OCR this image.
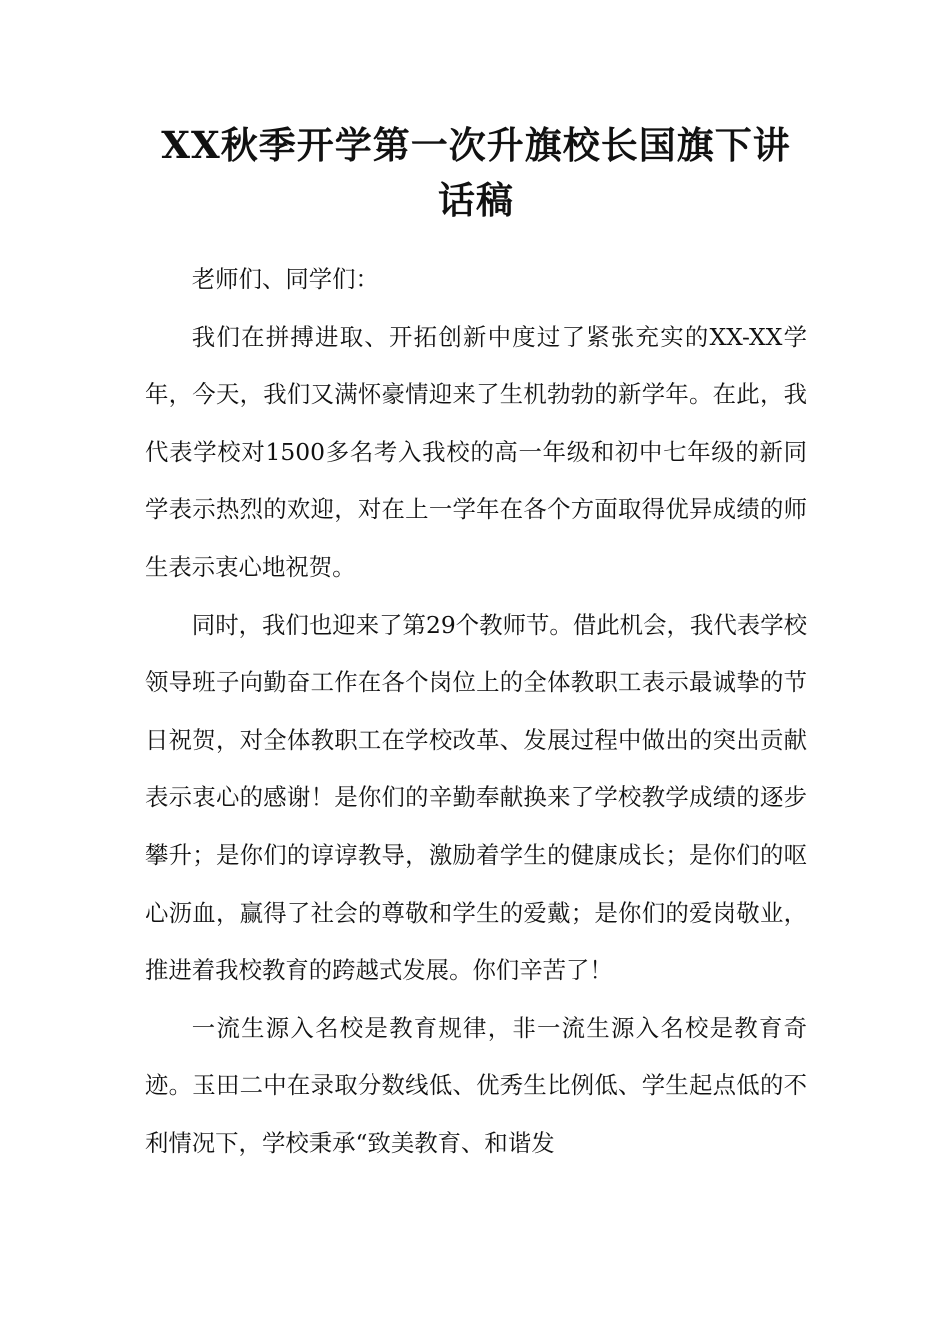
XX秋季开学第一次升旗校长国旗下讲话稿

老师们、同学们：

我们在拼搏进取、开拓创新中度过了紧张充实的XX-XX学年，今天，我们又满怀豪情迎来了生机勃勃的新学年。在此，我代表学校对1500多名考入我校的高一年级和初中七年级的新同学表示热烈的欢迎，对在上一学年在各个方面取得优异成绩的师生表示衷心地祝贺。

同时，我们也迎来了第29个教师节。借此机会，我代表学校领导班子向勤奋工作在各个岗位上的全体教职工表示最诚挚的节日祝贺，对全体教职工在学校改革、发展过程中做出的突出贡献表示衷心的感谢！是你们的辛勤奉献换来了学校教学成绩的逐步攀升；是你们的谆谆教导，激励着学生的健康成长；是你们的呕心沥血，赢得了社会的尊敬和学生的爱戴；是你们的爱岗敬业，推进着我校教育的跨越式发展。你们辛苦了！

一流生源入名校是教育规律，非一流生源入名校是教育奇迹。玉田二中在录取分数线低、优秀生比例低、学生起点低的不利情况下，学校秉承“致美教育、和谐发
